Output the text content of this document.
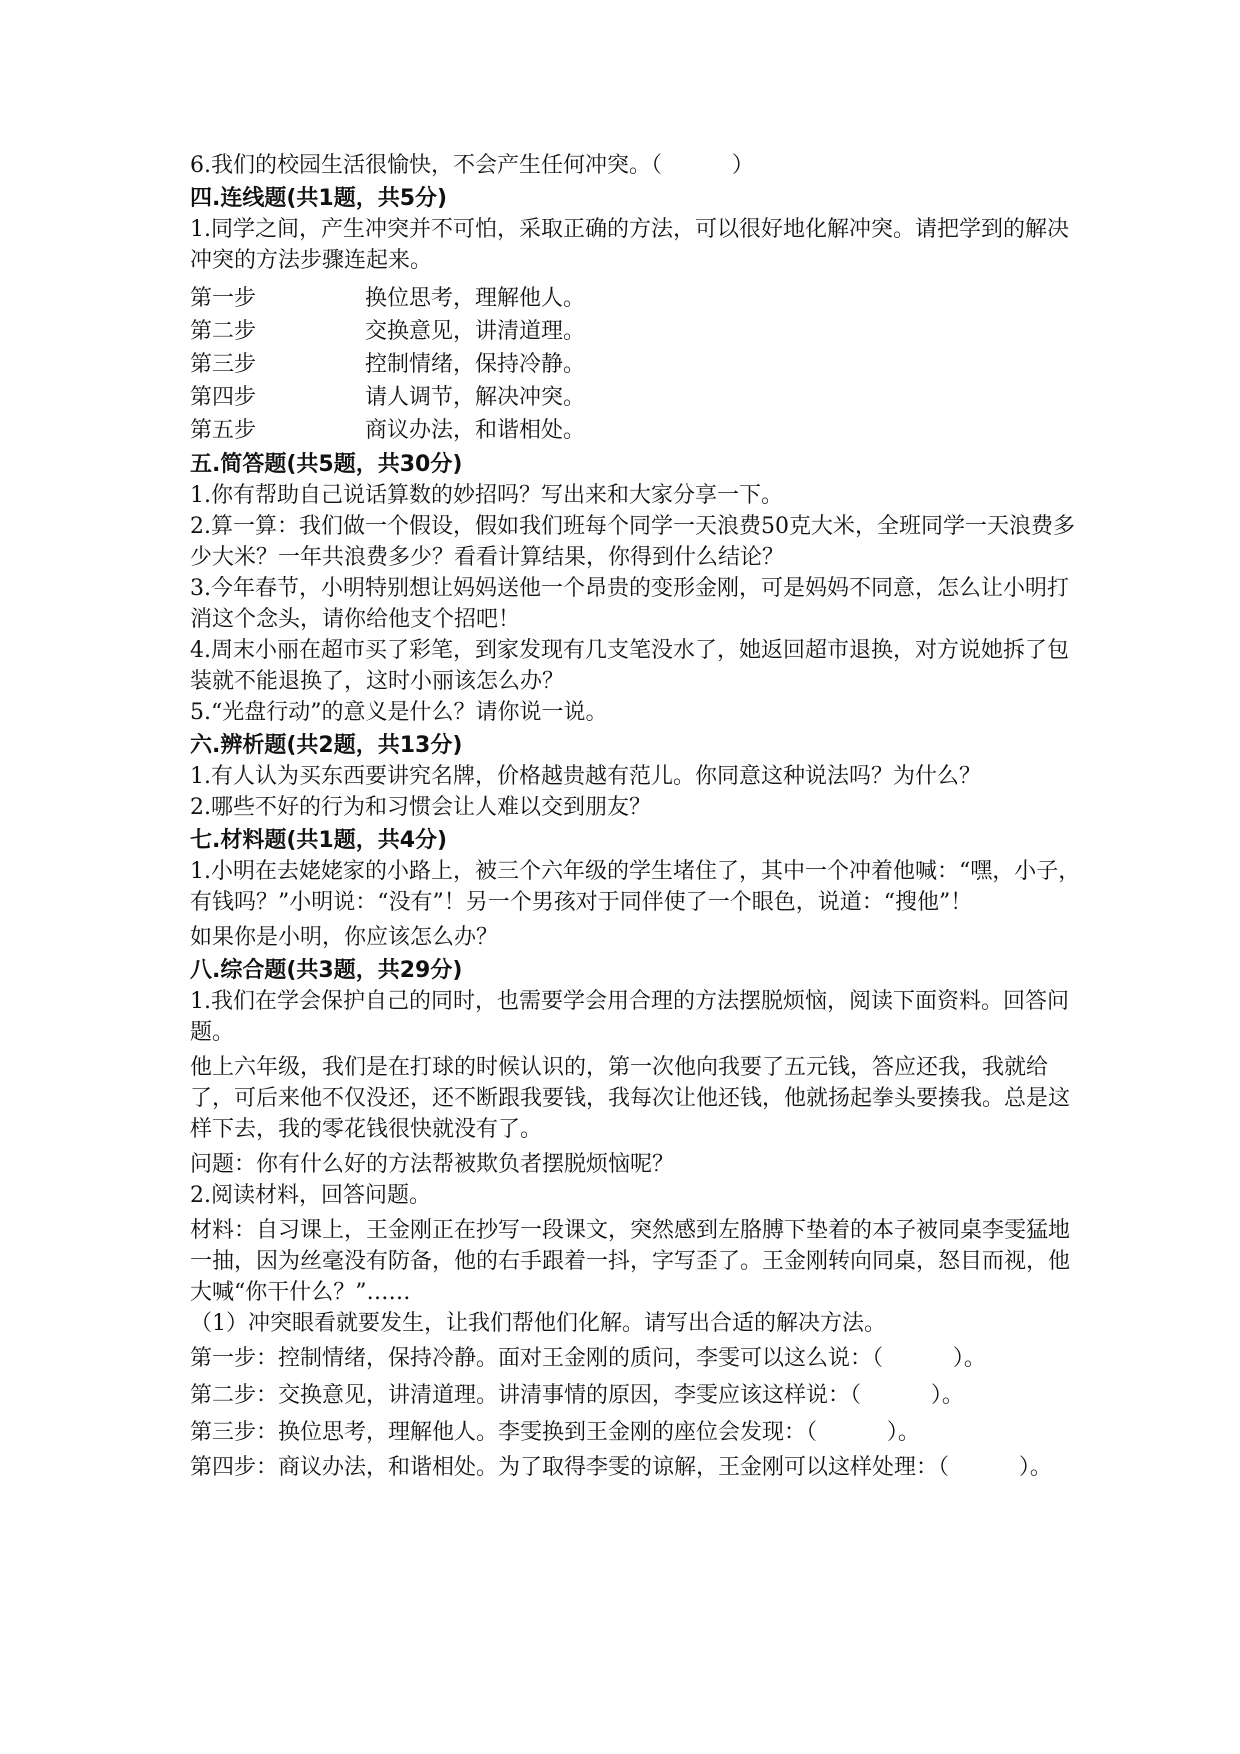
6.我们的校园生活很愉快，不会产生任何冲突。（          ）

四.连线题(共1题，共5分)

1.同学之间，产生冲突并不可怕，采取正确的方法，可以很好地化解冲突。请把学到的解决冲突的方法步骤连起来。

第一步	换位思考，理解他人。
第二步	交换意见，讲清道理。
第三步	控制情绪，保持冷静。
第四步	请人调节，解决冲突。
第五步	商议办法，和谐相处。

五.简答题(共5题，共30分)

1.你有帮助自己说话算数的妙招吗？写出来和大家分享一下。

2.算一算：我们做一个假设，假如我们班每个同学一天浪费50克大米，全班同学一天浪费多少大米？一年共浪费多少？看看计算结果，你得到什么结论？

3.今年春节，小明特别想让妈妈送他一个昂贵的变形金刚，可是妈妈不同意，怎么让小明打消这个念头，请你给他支个招吧！

4.周末小丽在超市买了彩笔，到家发现有几支笔没水了，她返回超市退换，对方说她拆了包装就不能退换了，这时小丽该怎么办？

5.“光盘行动”的意义是什么？请你说一说。

六.辨析题(共2题，共13分)

1.有人认为买东西要讲究名牌，价格越贵越有范儿。你同意这种说法吗？为什么？

2.哪些不好的行为和习惯会让人难以交到朋友？

七.材料题(共1题，共4分)

1.小明在去姥姥家的小路上，被三个六年级的学生堵住了，其中一个冲着他喊：“嘿，小子，有钱吗？”小明说：“没有”！另一个男孩对于同伴使了一个眼色，说道：“搜他”！

如果你是小明，你应该怎么办？

八.综合题(共3题，共29分)

1.我们在学会保护自己的同时，也需要学会用合理的方法摆脱烦恼，阅读下面资料。回答问题。

他上六年级，我们是在打球的时候认识的，第一次他向我要了五元钱，答应还我，我就给了，可后来他不仅没还，还不断跟我要钱，我每次让他还钱，他就扬起拳头要揍我。总是这样下去，我的零花钱很快就没有了。

问题：你有什么好的方法帮被欺负者摆脱烦恼呢？

2.阅读材料，回答问题。

材料：自习课上，王金刚正在抄写一段课文，突然感到左胳膊下垫着的本子被同桌李雯猛地一抽，因为丝毫没有防备，他的右手跟着一抖，字写歪了。王金刚转向同桌，怒目而视，他大喊“你干什么？”……

（1）冲突眼看就要发生，让我们帮他们化解。请写出合适的解决方法。

第一步：控制情绪，保持冷静。面对王金刚的质问，李雯可以这么说：（          ）。

第二步：交换意见，讲清道理。讲清事情的原因，李雯应该这样说：（          ）。

第三步：换位思考，理解他人。李雯换到王金刚的座位会发现：（          ）。

第四步：商议办法，和谐相处。为了取得李雯的谅解，王金刚可以这样处理：（          ）。
